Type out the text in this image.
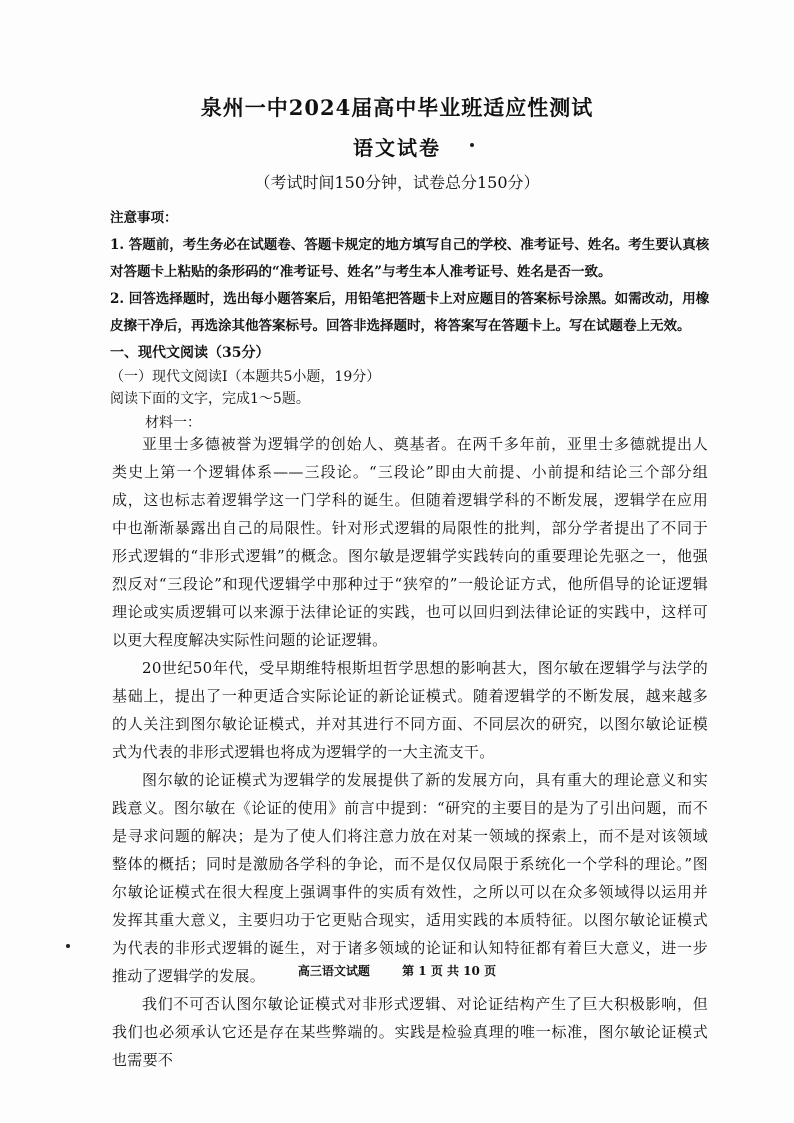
泉州一中2024届高中毕业班适应性测试
语文试卷
（考试时间150分钟，试卷总分150分）

注意事项：

1. 答题前，考生务必在试题卷、答题卡规定的地方填写自己的学校、准考证号、姓名。考生要认真核对答题卡上粘贴的条形码的“准考证号、姓名”与考生本人准考证号、姓名是否一致。

2. 回答选择题时，选出每小题答案后，用铅笔把答题卡上对应题目的答案标号涂黑。如需改动，用橡皮擦干净后，再选涂其他答案标号。回答非选择题时，将答案写在答题卡上。写在试题卷上无效。

一、现代文阅读（35分）
（一）现代文阅读Ⅰ（本题共5小题，19分）
阅读下面的文字，完成1～5题。
材料一：

亚里士多德被誉为逻辑学的创始人、奠基者。在两千多年前，亚里士多德就提出人类史上第一个逻辑体系——三段论。“三段论”即由大前提、小前提和结论三个部分组成，这也标志着逻辑学这一门学科的诞生。但随着逻辑学科的不断发展，逻辑学在应用中也渐渐暴露出自己的局限性。针对形式逻辑的局限性的批判，部分学者提出了不同于形式逻辑的“非形式逻辑”的概念。图尔敏是逻辑学实践转向的重要理论先驱之一，他强烈反对“三段论”和现代逻辑学中那种过于“狭窄的”一般论证方式，他所倡导的论证逻辑理论或实质逻辑可以来源于法律论证的实践，也可以回归到法律论证的实践中，这样可以更大程度解决实际性问题的论证逻辑。

20世纪50年代，受早期维特根斯坦哲学思想的影响甚大，图尔敏在逻辑学与法学的基础上，提出了一种更适合实际论证的新论证模式。随着逻辑学的不断发展，越来越多的人关注到图尔敏论证模式，并对其进行不同方面、不同层次的研究，以图尔敏论证模式为代表的非形式逻辑也将成为逻辑学的一大主流支干。

图尔敏的论证模式为逻辑学的发展提供了新的发展方向，具有重大的理论意义和实践意义。图尔敏在《论证的使用》前言中提到：“研究的主要目的是为了引出问题，而不是寻求问题的解决；是为了使人们将注意力放在对某一领域的探索上，而不是对该领域整体的概括；同时是激励各学科的争论，而不是仅仅局限于系统化一个学科的理论。”图尔敏论证模式在很大程度上强调事件的实质有效性，之所以可以在众多领域得以运用并发挥其重大意义，主要归功于它更贴合现实，适用实践的本质特征。以图尔敏论证模式为代表的非形式逻辑的诞生，对于诸多领域的论证和认知特征都有着巨大意义，进一步推动了逻辑学的发展。

我们不可否认图尔敏论证模式对非形式逻辑、对论证结构产生了巨大积极影响，但我们也必须承认它还是存在某些弊端的。实践是检验真理的唯一标准，图尔敏论证模式也需要不

高三语文试题	第 1 页 共 10 页
